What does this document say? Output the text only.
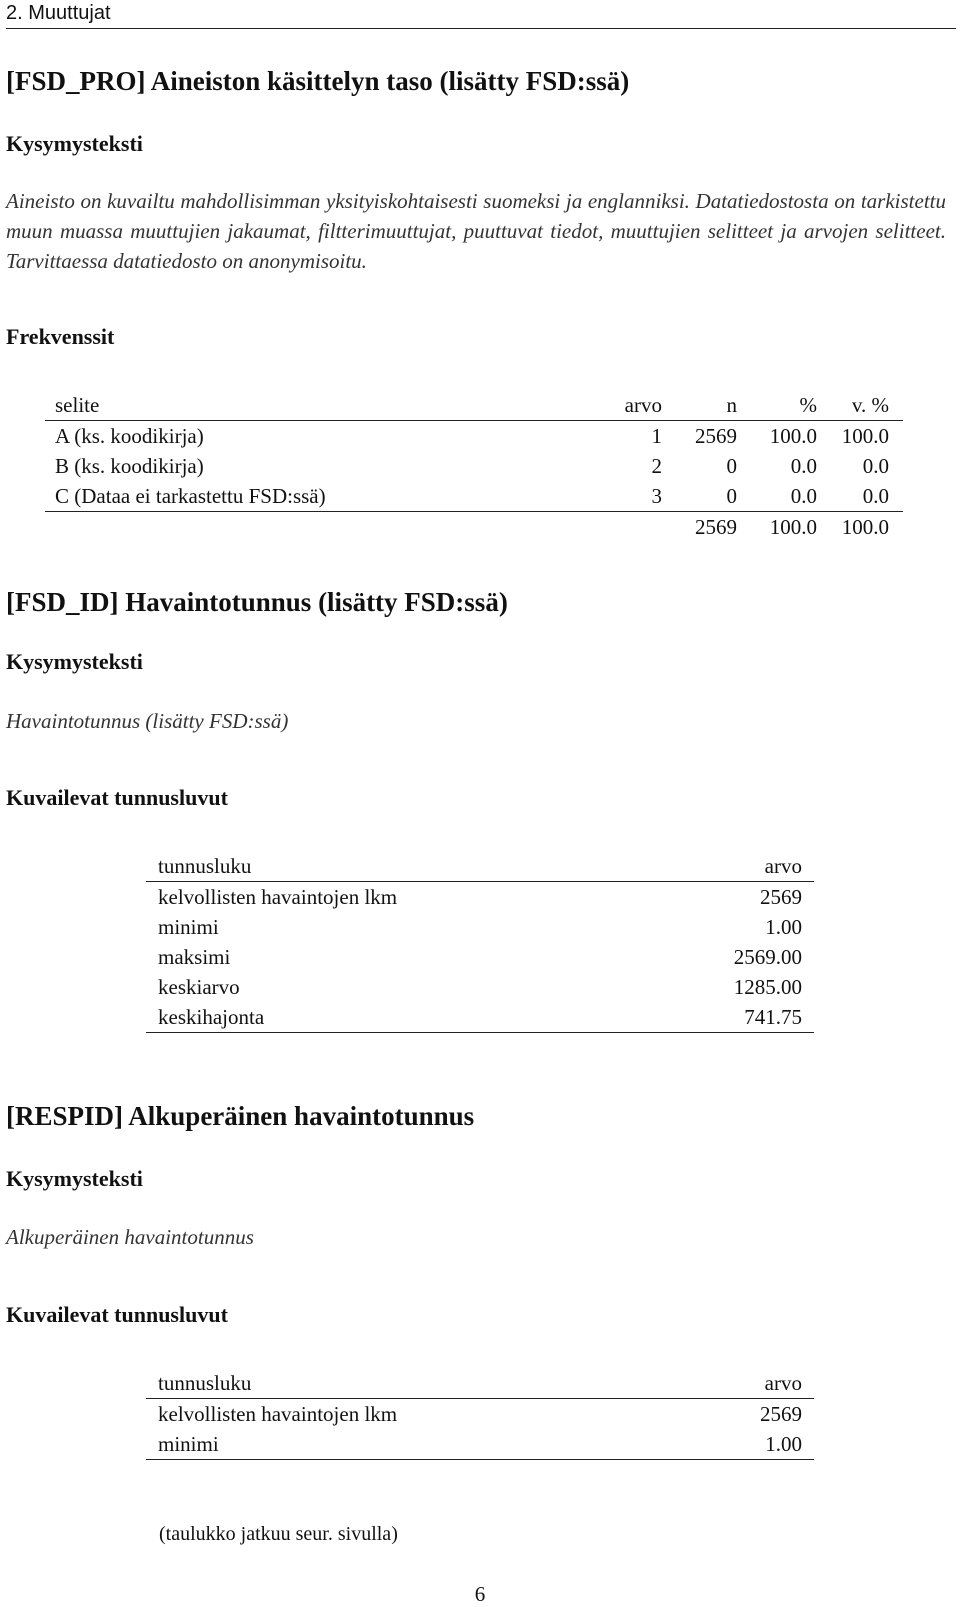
2. Muuttujat
[FSD_PRO] Aineiston käsittelyn taso (lisätty FSD:ssä)
Kysymysteksti
Aineisto on kuvailtu mahdollisimman yksityiskohtaisesti suomeksi ja englanniksi. Datatiedostosta on tarkistettu muun muassa muuttujien jakaumat, filtterimuuttujat, puuttuvat tiedot, muuttujien selitteet ja arvojen selitteet. Tarvittaessa datatiedosto on anonymisoitu.
Frekvenssit
selite	arvo	n	%	v. %
A (ks. koodikirja)	1	2569	100.0	100.0
B (ks. koodikirja)	2	0	0.0	0.0
C (Dataa ei tarkastettu FSD:ssä)	3	0	0.0	0.0
		2569	100.0	100.0
[FSD_ID] Havaintotunnus (lisätty FSD:ssä)
Kysymysteksti
Havaintotunnus (lisätty FSD:ssä)
Kuvailevat tunnusluvut
tunnusluku	arvo
kelvollisten havaintojen lkm	2569
minimi	1.00
maksimi	2569.00
keskiarvo	1285.00
keskihajonta	741.75
[RESPID] Alkuperäinen havaintotunnus
Kysymysteksti
Alkuperäinen havaintotunnus
Kuvailevat tunnusluvut
tunnusluku	arvo
kelvollisten havaintojen lkm	2569
minimi	1.00
(taulukko jatkuu seur. sivulla)
6
